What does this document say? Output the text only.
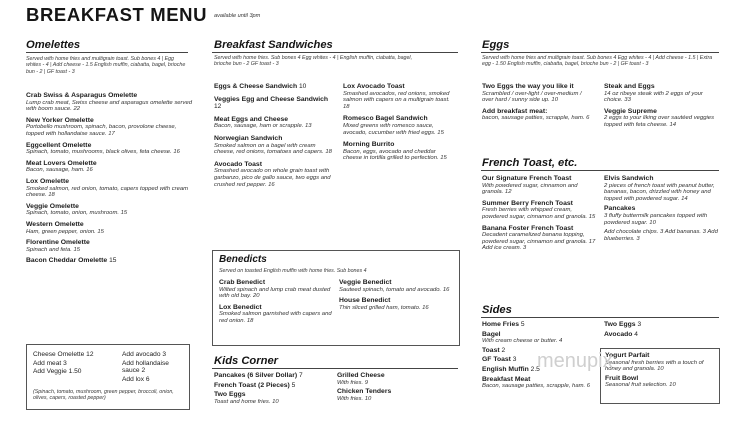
BREAKFAST MENU available until 3pm
Omelettes
Served with home fries and multigrain toast. Sub bones 4 | Egg whites - 4 | Add cheese - 1.5 English muffin, ciabatta, bagel, brioche bun - 2 | GF toast - 3
Crab Swiss & Asparagus Omelette
Lump crab meat, Swiss cheese and asparagus omelette served with boom sauce. 22
New Yorker Omelette
Portobello mushroom, spinach, bacon, provolone cheese, topped with hollandaise sauce. 17
Eggcellent Omelette
Spinach, tomato, mushrooms, black olives, feta cheese. 16
Meat Lovers Omelette
Bacon, sausage, ham. 16
Lox Omelette
Smoked salmon, red onion, tomato, capers topped with cream cheese. 18
Veggie Omelette
Spinach, tomato, onion, mushroom. 15
Western Omelette
Ham, green pepper, onion. 15
Florentine Omelette
Spinach and feta. 15
Bacon Cheddar Omelette 15
Cheese Omelette 12
Add meat 3
Add Veggie 1.50
Add avocado 3
Add hollandaise sauce 2
Add lox 6
(Spinach, tomato, mushroom, green pepper, broccoli, onion, olives, capers, roasted pepper)
Breakfast Sandwiches
Served with home fries. Sub bones 4 Egg whites - 4 | English muffin, ciabatta, bagel, brioche bun - 2 GF toast - 3
Eggs & Cheese Sandwich 10
Veggies Egg and Cheese Sandwich 12
Meat Eggs and Cheese
Bacon, sausage, ham or scrapple. 13
Norwegian Sandwich
Smoked salmon on a bagel with cream cheese, red onions, tomatoes and capers. 18
Avocado Toast
Smashed avocado on whole grain toast with garbanzo, pico de gallo sauce, two eggs and crushed red pepper. 16
Lox Avocado Toast
Smashed avocados, red onions, smoked salmon with capers on a multigrain toast. 18
Romesco Bagel Sandwich
Mixed greens with romesco sauce, avocado, cucumber with fried eggs. 15
Morning Burrito
Bacon, eggs, avocado and cheddar cheese in tortilla grilled to perfection. 15
Benedicts
Served on toasted English muffin with home fries. Sub bones 4
Crab Benedict
Wilted spinach and lump crab meat dusted with old bay. 20
Lox Benedict
Smoked salmon garnished with capers and red onion. 18
Veggie Benedict
Sauteed spinach, tomato and avocado. 16
House Benedict
Thin sliced grilled ham, tomato. 16
Kids Corner
Pancakes (6 Silver Dollar) 7
French Toast (2 Pieces) 5
Two Eggs
Toast and home fries. 10
Grilled Cheese
With fries. 9
Chicken Tenders
With fries. 10
Eggs
Served with home fries and multigrain toast. Sub bones 4 Egg whites - 4 | Add cheese - 1.5 | Extra egg - 1.50 English muffin, ciabatta, bagel, brioche bun - 2 | GF toast - 3
Two Eggs the way you like it
Scrambled / over-light / over-medium / over hard / sunny side up. 10
Add breakfast meat:
bacon, sausage patties, scrapple, ham. 6
Steak and Eggs
14 oz ribeye steak with 2 eggs of your choice. 33
Veggie Supreme
2 eggs to your liking over sautéed veggies topped with feta cheese. 14
French Toast, etc.
Our Signature French Toast
With powdered sugar, cinnamon and granola. 12
Summer Berry French Toast
Fresh berries with whipped cream, powdered sugar, cinnamon and granola. 15
Banana Foster French Toast
Decadent caramelized banana topping, powdered sugar, cinnamon and granola. 17 Add ice cream. 3
Elvis Sandwich
2 pieces of french toast with peanut butter, bananas, bacon, drizzled with honey and topped with powdered sugar. 14
Pancakes
3 fluffy buttermilk pancakes topped with powdered sugar. 10
Add chocolate chips. 3 Add bananas. 3 Add blueberries. 3
Sides
Home Fries 5
Bagel
With cream cheese or butter. 4
Toast 2
GF Toast 3
English Muffin 2.5
Breakfast Meat
Bacon, sausage patties, scrapple, ham. 6
Two Eggs 3
Avocado 4
Yogurt Parfait
Seasonal fresh berries with a touch of honey and granola. 10
Fruit Bowl
Seasonal fruit selection. 10
menupix
